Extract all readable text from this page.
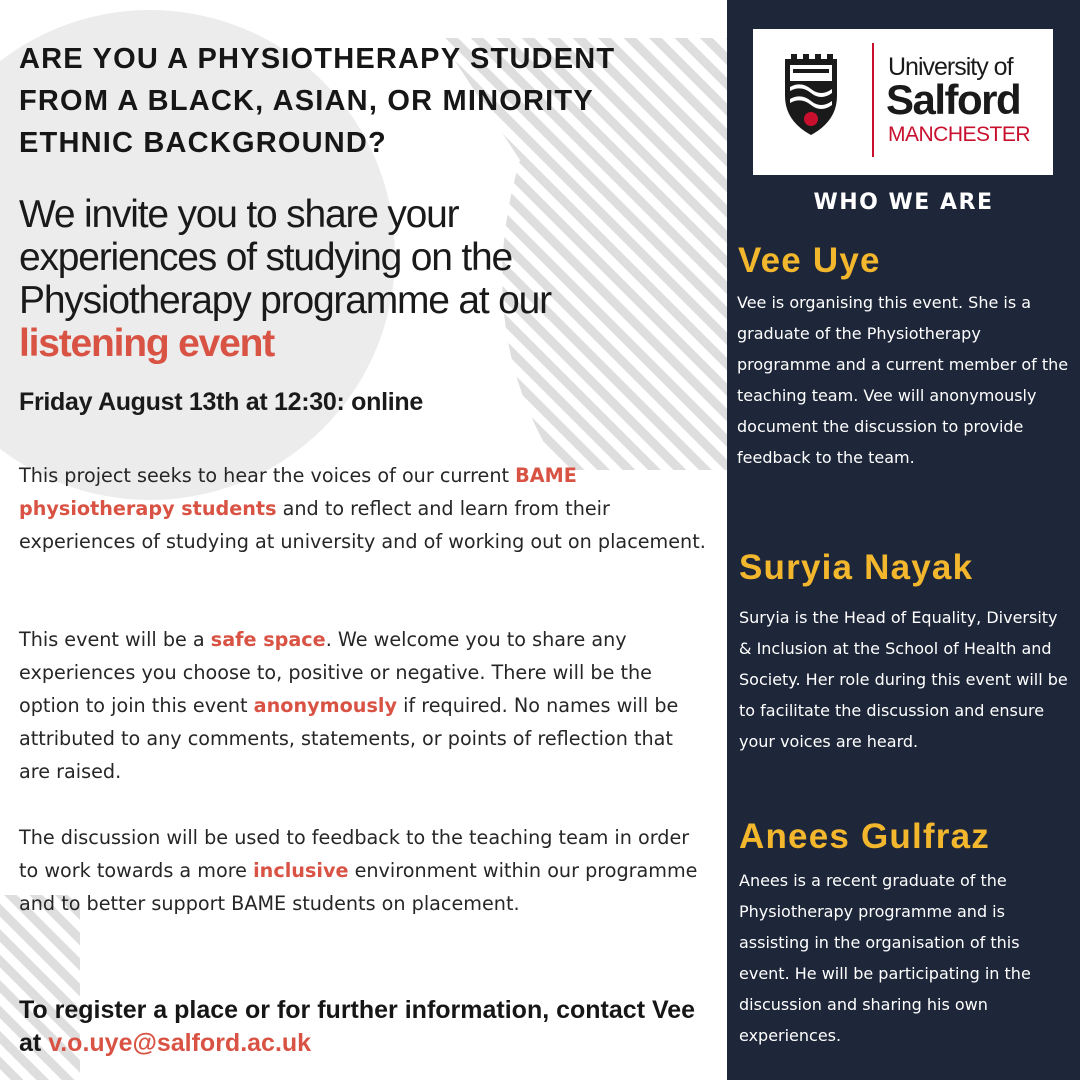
ARE YOU A PHYSIOTHERAPY STUDENT FROM A BLACK, ASIAN, OR MINORITY ETHNIC BACKGROUND?

We invite you to share your experiences of studying on the Physiotherapy programme at our listening event

Friday August 13th at 12:30: online

This project seeks to hear the voices of our current BAME physiotherapy students and to reflect and learn from their experiences of studying at university and of working out on placement.

This event will be a safe space. We welcome you to share any experiences you choose to, positive or negative. There will be the option to join this event anonymously if required. No names will be attributed to any comments, statements, or points of reflection that are raised.

The discussion will be used to feedback to the teaching team in order to work towards a more inclusive environment within our programme and to better support BAME students on placement.

To register a place or for further information, contact Vee at v.o.uye@salford.ac.uk

University of
Salford
MANCHESTER
WHO WE ARE
Vee Uye

Vee is organising this event. She is a graduate of the Physiotherapy programme and a current member of the teaching team. Vee will anonymously document the discussion to provide feedback to the team.

Suryia Nayak

Suryia is the Head of Equality, Diversity & Inclusion at the School of Health and Society. Her role during this event will be to facilitate the discussion and ensure your voices are heard.

Anees Gulfraz

Anees is a recent graduate of the Physiotherapy programme and is assisting in the organisation of this event. He will be participating in the discussion and sharing his own experiences.
